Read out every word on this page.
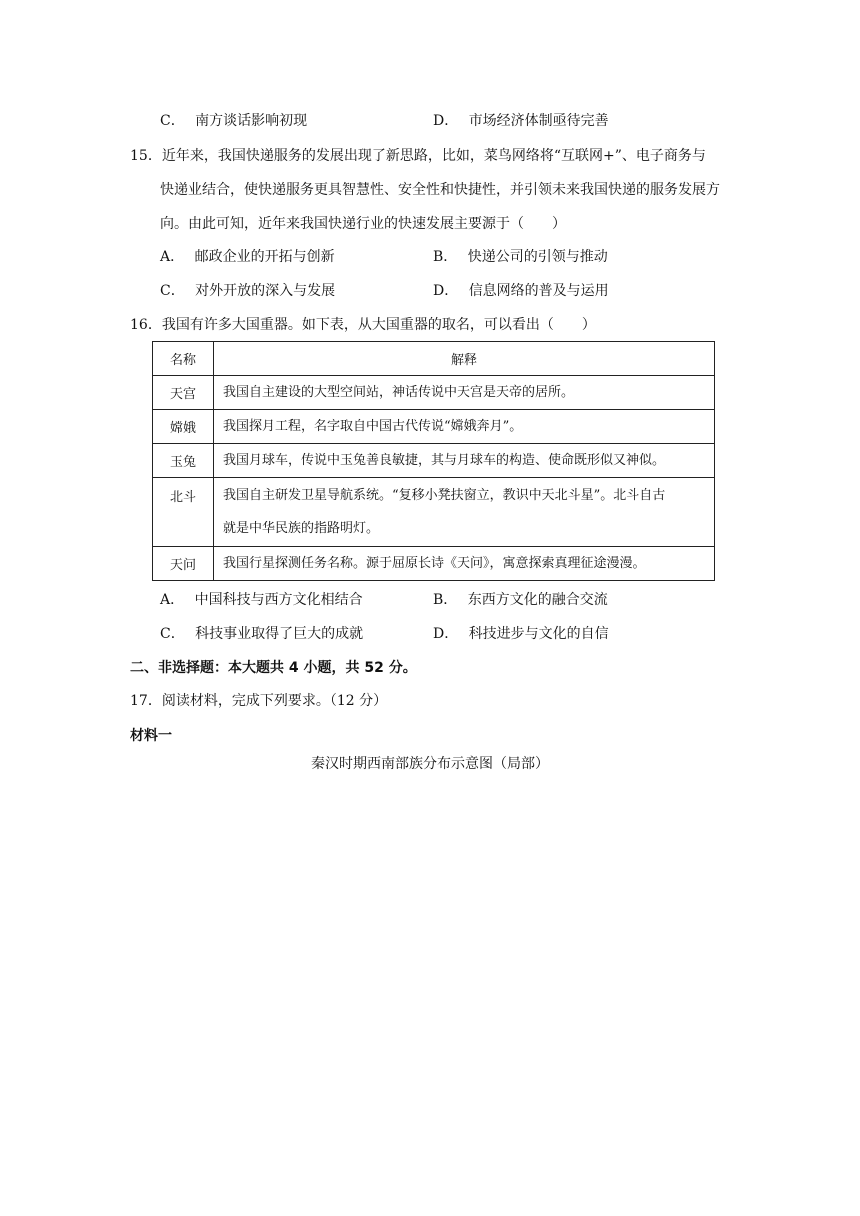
C． 南方谈话影响初现	D． 市场经济体制亟待完善
15．近年来，我国快递服务的发展出现了新思路，比如，菜鸟网络将“互联网+”、电子商务与
快递业结合，使快递服务更具智慧性、安全性和快捷性，并引领未来我国快递的服务发展方
向。由此可知，近年来我国快递行业的快速发展主要源于（　　）
A． 邮政企业的开拓与创新	B． 快递公司的引领与推动
C． 对外开放的深入与发展	D． 信息网络的普及与运用
16．我国有许多大国重器。如下表，从大国重器的取名，可以看出（　　）
名称	解释
天宫	我国自主建设的大型空间站，神话传说中天宫是天帝的居所。
嫦娥	我国探月工程，名字取自中国古代传说“嫦娥奔月”。
玉兔	我国月球车，传说中玉兔善良敏捷，其与月球车的构造、使命既形似又神似。
北斗	我国自主研发卫星导航系统。“复移小凳扶窗立，教识中天北斗星”。北斗自古
就是中华民族的指路明灯。

天问	我国行星探测任务名称。源于屈原长诗《天问》，寓意探索真理征途漫漫。
A． 中国科技与西方文化相结合	B． 东西方文化的融合交流
C． 科技事业取得了巨大的成就	D． 科技进步与文化的自信
二、非选择题：本大题共 4 小题，共 52 分。
17．阅读材料，完成下列要求。（12 分）
材料一
秦汉时期西南部族分布示意图（局部）
